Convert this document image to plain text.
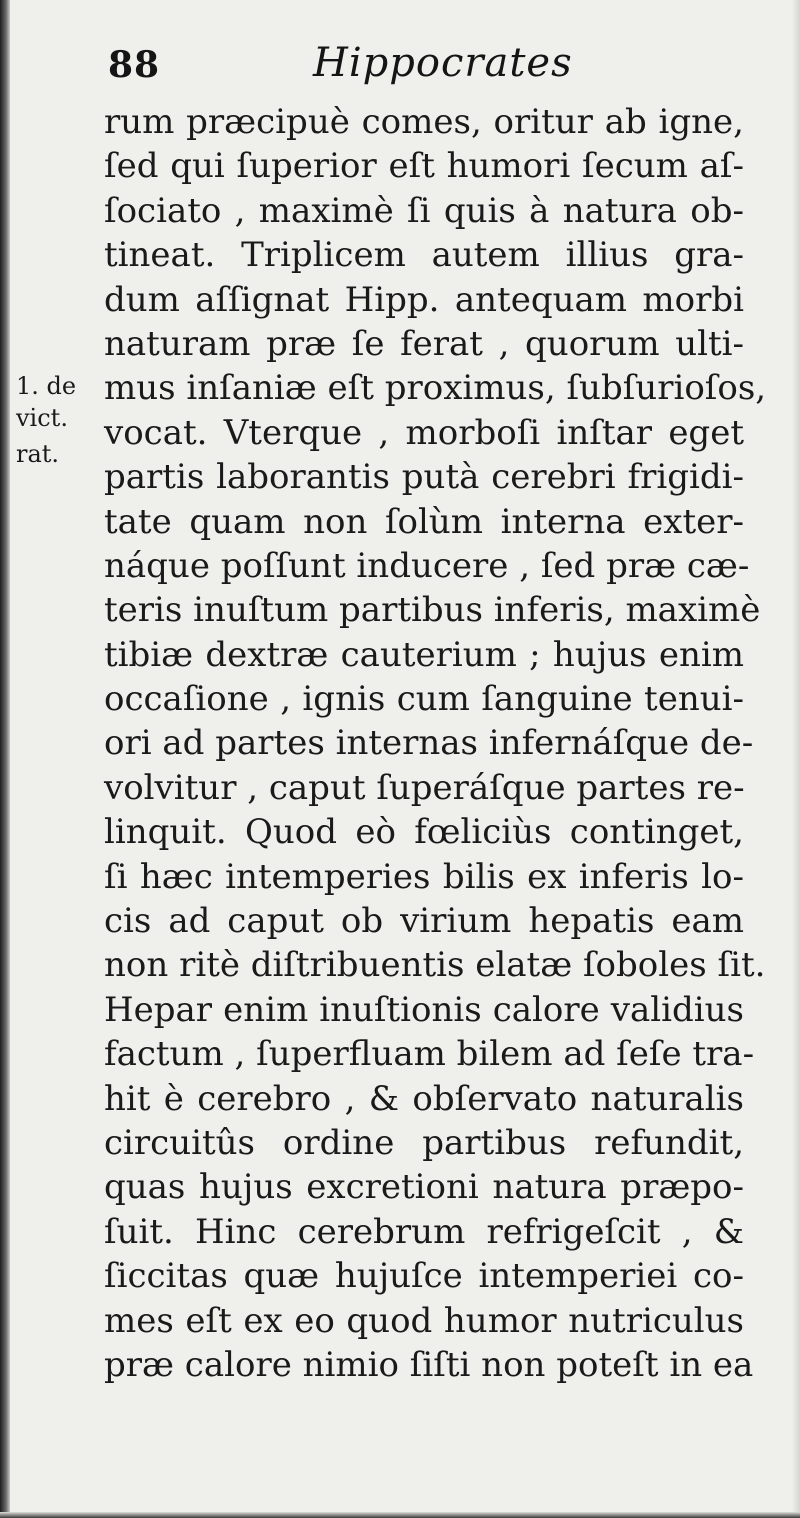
88	Hippocrates
1. de
vict.
rat.
rum præcipuè comes, oritur ab igne,
ſed qui ſuperior eſt humori ſecum aſ-
ſociato , maximè ſi quis à natura ob-
tineat. Triplicem autem illius gra-
dum aſſignat Hipp. antequam morbi
naturam præ ſe ferat , quorum ulti-
mus inſaniæ eſt proximus, ſubſurioſos,
vocat. Vterque , morboſi inſtar eget
partis laborantis putà cerebri frigidi-
tate quam non ſolùm interna exter-
náque poſſunt inducere , ſed præ cæ-
teris inuſtum partibus inferis, maximè
tibiæ dextræ cauterium ; hujus enim
occaſione , ignis cum ſanguine tenui-
ori ad partes internas infernáſque de-
volvitur , caput ſuperáſque partes re-
linquit. Quod eò fœliciùs continget,
ſi hæc intemperies bilis ex inferis lo-
cis ad caput ob virium hepatis eam
non ritè diſtribuentis elatæ ſoboles ſit.
Hepar enim inuſtionis calore validius
factum , ſuperfluam bilem ad ſeſe tra-
hit è cerebro , & obſervato naturalis
circuitûs ordine partibus refundit,
quas hujus excretioni natura præpo-
ſuit. Hinc cerebrum refrigeſcit , &
ſiccitas quæ hujuſce intemperiei co-
mes eſt ex eo quod humor nutriculus
præ calore nimio ſiſti non poteſt in ea
